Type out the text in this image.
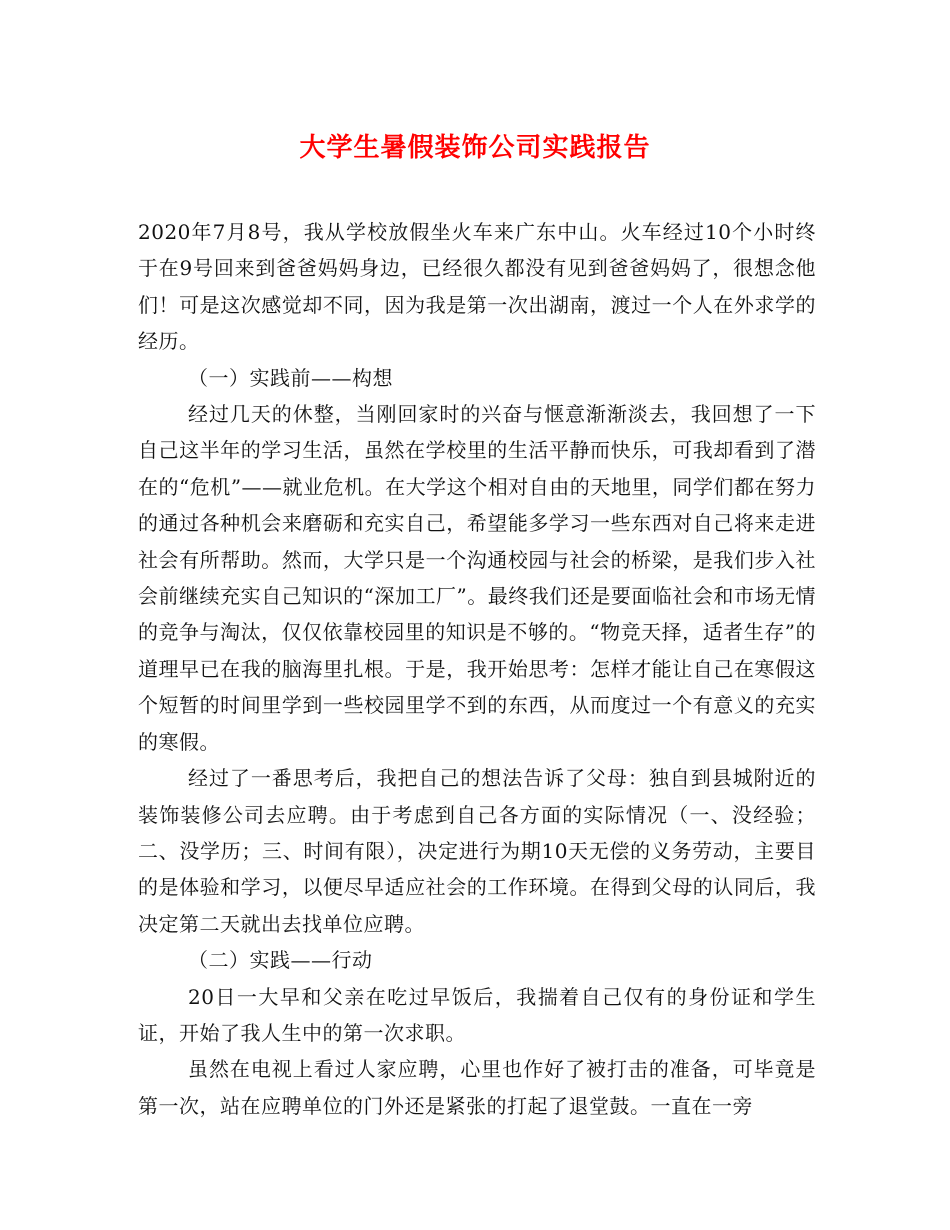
大学生暑假装饰公司实践报告

2020年7月8号，我从学校放假坐火车来广东中山。火车经过10个小时终于在9号回来到爸爸妈妈身边，已经很久都没有见到爸爸妈妈了，很想念他们！可是这次感觉却不同，因为我是第一次出湖南，渡过一个人在外求学的经历。

（一）实践前——构想

经过几天的休整，当刚回家时的兴奋与惬意渐渐淡去，我回想了一下自己这半年的学习生活，虽然在学校里的生活平静而快乐，可我却看到了潜在的“危机”——就业危机。在大学这个相对自由的天地里，同学们都在努力的通过各种机会来磨砺和充实自己，希望能多学习一些东西对自己将来走进社会有所帮助。然而，大学只是一个沟通校园与社会的桥梁，是我们步入社会前继续充实自己知识的“深加工厂”。最终我们还是要面临社会和市场无情的竞争与淘汰，仅仅依靠校园里的知识是不够的。“物竞天择，适者生存”的道理早已在我的脑海里扎根。于是，我开始思考：怎样才能让自己在寒假这个短暂的时间里学到一些校园里学不到的东西，从而度过一个有意义的充实的寒假。

经过了一番思考后，我把自己的想法告诉了父母：独自到县城附近的装饰装修公司去应聘。由于考虑到自己各方面的实际情况（一、没经验；二、没学历；三、时间有限），决定进行为期10天无偿的义务劳动，主要目的是体验和学习，以便尽早适应社会的工作环境。在得到父母的认同后，我决定第二天就出去找单位应聘。

（二）实践——行动

20日一大早和父亲在吃过早饭后，我揣着自己仅有的身份证和学生证，开始了我人生中的第一次求职。

虽然在电视上看过人家应聘，心里也作好了被打击的准备，可毕竟是第一次，站在应聘单位的门外还是紧张的打起了退堂鼓。一直在一旁
